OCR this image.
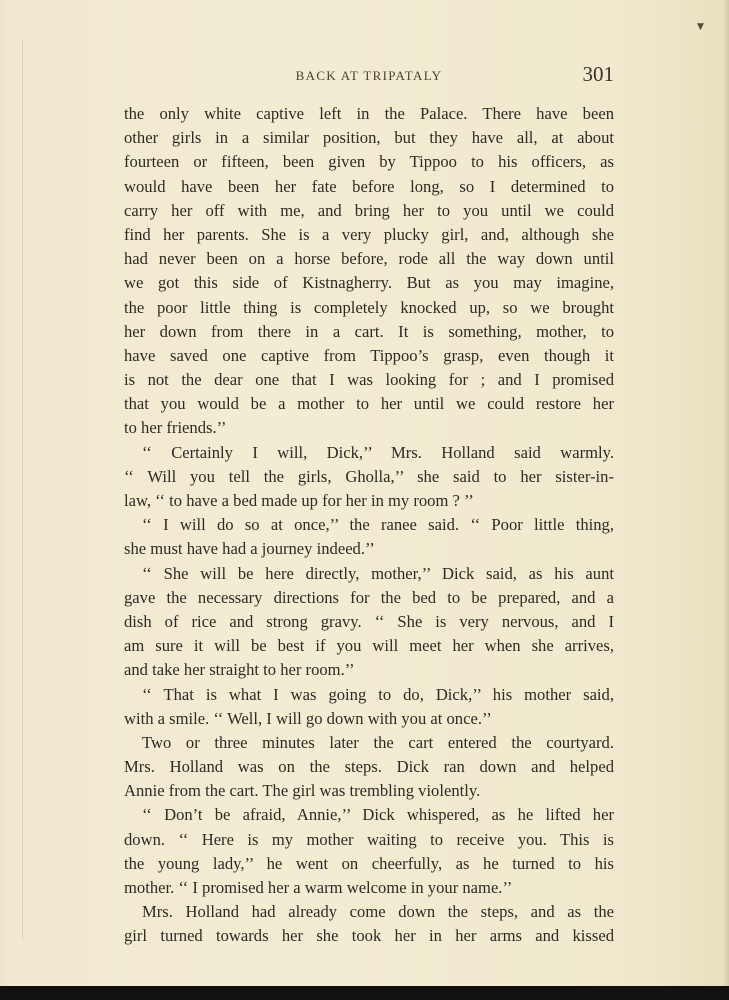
▼
BACK AT TRIPATALY	301
the only white captive left in the Palace. There have been
other girls in a similar position, but they have all, at about
fourteen or fifteen, been given by Tippoo to his officers, as
would have been her fate before long, so I determined to
carry her off with me, and bring her to you until we could
find her parents. She is a very plucky girl, and, although she
had never been on a horse before, rode all the way down until
we got this side of Kistnagherry. But as you may imagine,
the poor little thing is completely knocked up, so we brought
her down from there in a cart. It is something, mother, to
have saved one captive from Tippoo’s grasp, even though it
is not the dear one that I was looking for ; and I promised
that you would be a mother to her until we could restore her
to her friends.’’
‘‘ Certainly I will, Dick,’’ Mrs. Holland said warmly.
‘‘ Will you tell the girls, Gholla,’’ she said to her sister-in-
law, ‘‘ to have a bed made up for her in my room ? ’’
‘‘ I will do so at once,’’ the ranee said. ‘‘ Poor little thing,
she must have had a journey indeed.’’
‘‘ She will be here directly, mother,’’ Dick said, as his aunt
gave the necessary directions for the bed to be prepared, and a
dish of rice and strong gravy. ‘‘ She is very nervous, and I
am sure it will be best if you will meet her when she arrives,
and take her straight to her room.’’
‘‘ That is what I was going to do, Dick,’’ his mother said,
with a smile. ‘‘ Well, I will go down with you at once.’’
Two or three minutes later the cart entered the courtyard.
Mrs. Holland was on the steps. Dick ran down and helped
Annie from the cart. The girl was trembling violently.
‘‘ Don’t be afraid, Annie,’’ Dick whispered, as he lifted her
down. ‘‘ Here is my mother waiting to receive you. This is
the young lady,’’ he went on cheerfully, as he turned to his
mother. ‘‘ I promised her a warm welcome in your name.’’
Mrs. Holland had already come down the steps, and as the
girl turned towards her she took her in her arms and kissed
